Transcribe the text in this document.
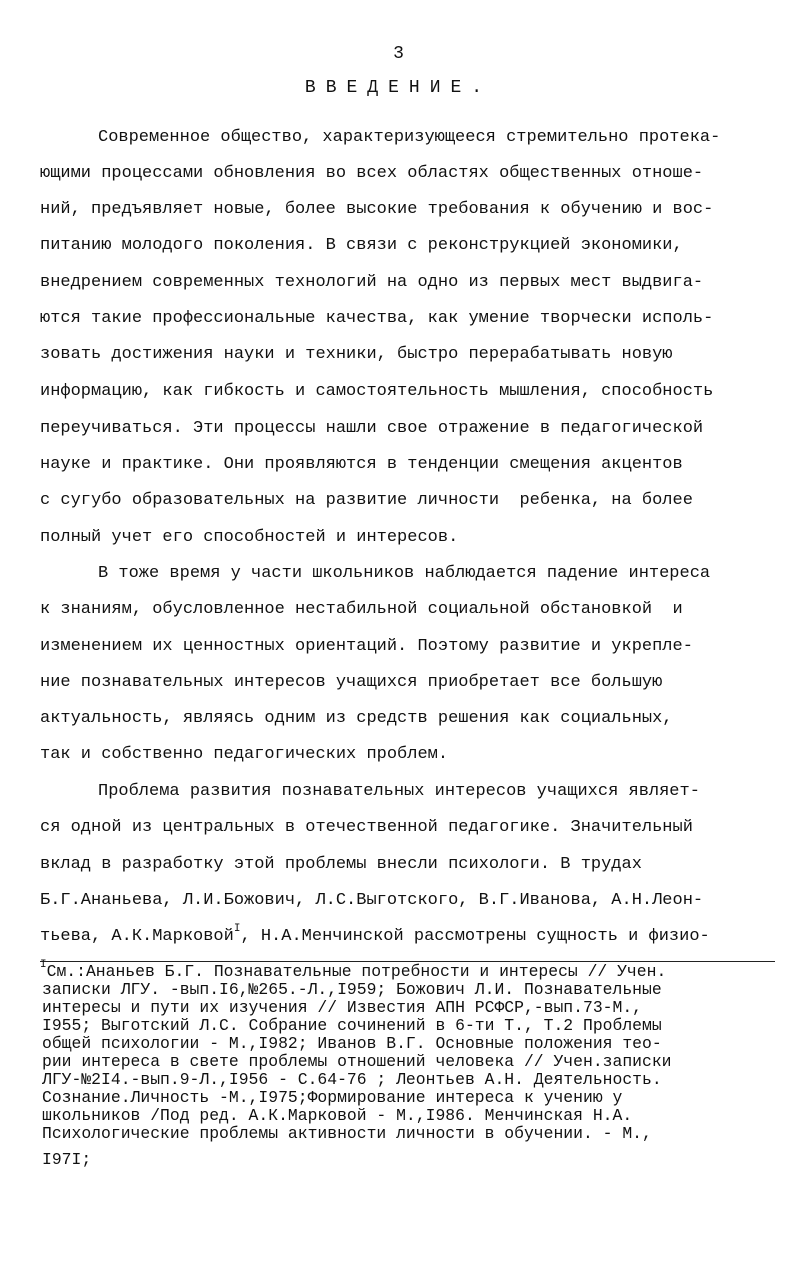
3
ВВЕДЕНИЕ.
Современное общество, характеризующееся стремительно протека-
ющими процессами обновления во всех областях общественных отноше-
ний, предъявляет новые, более высокие требования к обучению и вос-
питанию молодого поколения. В связи с реконструкцией экономики,
внедрением современных технологий на одно из первых мест выдвига-
ются такие профессиональные качества, как умение творчески исполь-
зовать достижения науки и техники, быстро перерабатывать новую
информацию, как гибкость и самостоятельность мышления, способность
переучиваться. Эти процессы нашли свое отражение в педагогической
науке и практике. Они проявляются в тенденции смещения акцентов
с сугубо образовательных на развитие личности  ребенка, на более
полный учет его способностей и интересов.
В тоже время у части школьников наблюдается падение интереса
к знаниям, обусловленное нестабильной социальной обстановкой  и
изменением их ценностных ориентаций. Поэтому развитие и укрепле-
ние познавательных интересов учащихся приобретает все большую
актуальность, являясь одним из средств решения как социальных,
так и собственно педагогических проблем.
Проблема развития познавательных интересов учащихся являет-
ся одной из центральных в отечественной педагогике. Значительный
вклад в разработку этой проблемы внесли психологи. В трудах
Б.Г.Ананьева, Л.И.Божович, Л.С.Выготского, В.Г.Иванова, А.Н.Леон-
тьева, А.К.Марковой$^I$, Н.А.Менчинской рассмотрены сущность и физио-
$^I$См.:Ананьев Б.Г. Познавательные потребности и интересы // Учен.
записки ЛГУ. -вып.I6,№265.-Л.,I959; Божович Л.И. Познавательные
интересы и пути их изучения // Известия АПН РСФСР,-вып.73-М.,
I955; Выготский Л.С. Собрание сочинений в 6-ти Т., Т.2 Проблемы
общей психологии - М.,I982; Иванов В.Г. Основные положения тео-
рии интереса в свете проблемы отношений человека // Учен.записки
ЛГУ-№2I4.-вып.9-Л.,I956 - С.64-76 ; Леонтьев А.Н. Деятельность.
Сознание.Личность -М.,I975;Формирование интереса к учению у
школьников /Под ред. А.К.Марковой - М.,I986. Менчинская Н.А.
Психологические проблемы активности личности в обучении. - М.,
I97I;
